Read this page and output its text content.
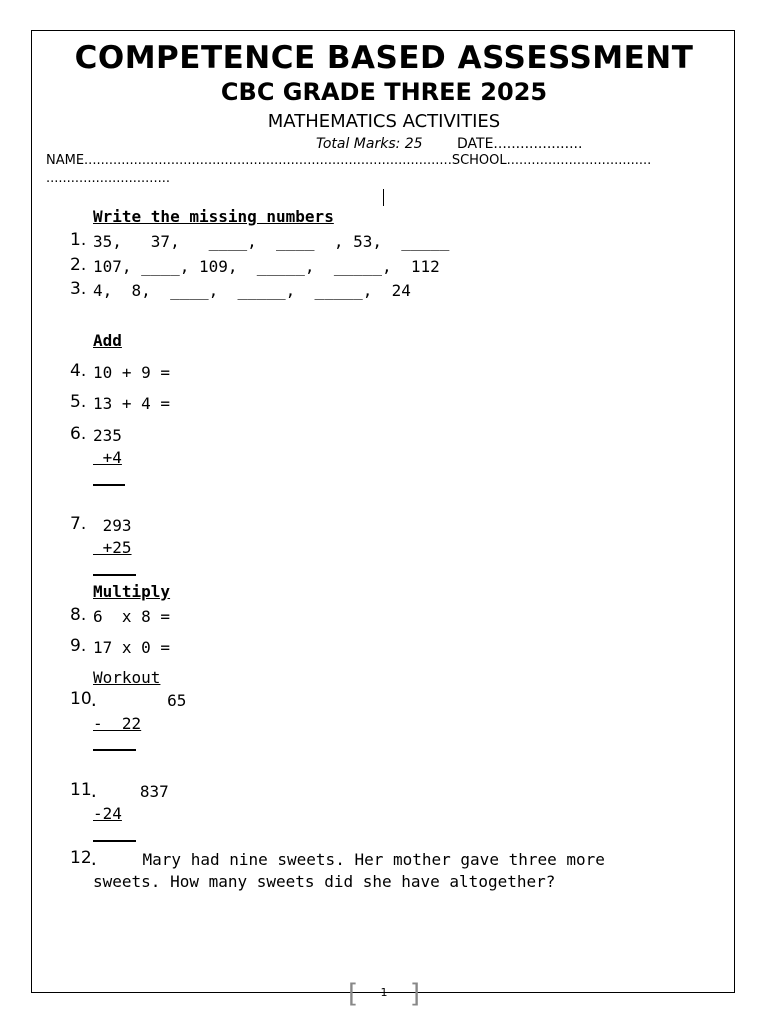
COMPETENCE BASED ASSESSMENT
CBC GRADE THREE 2025
MATHEMATICS ACTIVITIES
Total Marks: 25 DATE....................
NAME.........................................................................................SCHOOL...................................
..............................
Write the missing numbers
1. 35,   37,   ____,  ____  , 53,  _____
2. 107, ____, 109,  _____,  _____,  112
3. 4,  8,  ____,  _____,  _____,  24
Add
4. 10 + 9 =
5. 13 + 4 =
6. 235
+4
7. 293
+25
Multiply
8. 6  x 8 =
9. 17 x 0 =
Workout
10
. 65
-  22
11
. 837
-24
12
. Mary had nine sweets. Her mother gave three more
sweets. How many sweets did she have altogether?
[	1 ]
